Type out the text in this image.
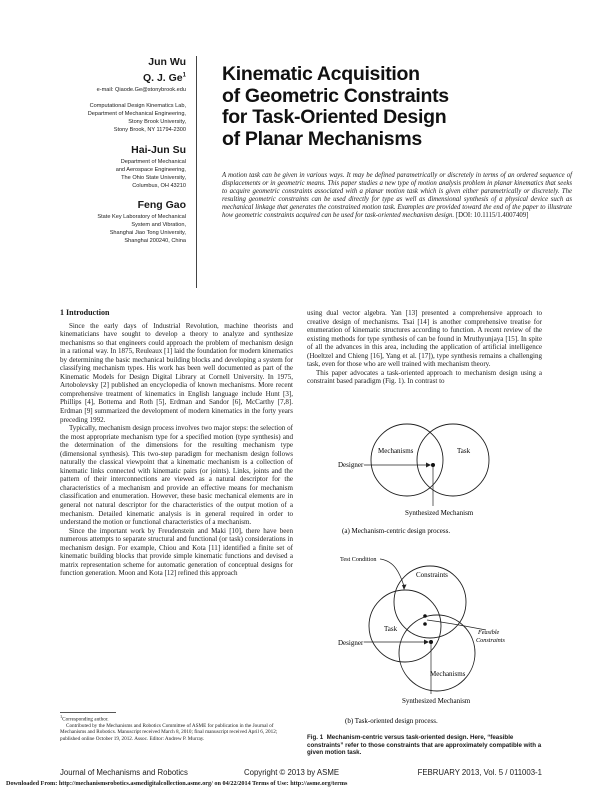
Jun Wu
Q. J. Ge$^1$
e-mail: Qiaode.Ge@stonybrook.edu
Computational Design Kinematics Lab,
Department of Mechanical Engineering,
Stony Brook University,
Stony Brook, NY 11794-2300
Hai-Jun Su
Department of Mechanical
and Aerospace Engineering,
The Ohio State University,
Columbus, OH 43210
Feng Gao
State Key Laboratory of Mechanical
System and Vibration,
Shanghai Jiao Tong University,
Shanghai 200240, China
Kinematic Acquisition
of Geometric Constraints
for Task-Oriented Design
of Planar Mechanisms
A motion task can be given in various ways. It may be defined parametrically or discretely in terms of an ordered sequence of displacements or in geometric means. This paper studies a new type of motion analysis problem in planar kinematics that seeks to acquire geometric constraints associated with a planar motion task which is given either parametrically or discretely. The resulting geometric constraints can be used directly for type as well as dimensional synthesis of a physical device such as mechanical linkage that generates the constrained motion task. Examples are provided toward the end of the paper to illustrate how geometric constraints acquired can be used for task-oriented mechanism design. [DOI: 10.1115/1.4007409]
1 Introduction

Since the early days of Industrial Revolution, machine theorists and kinematicians have sought to develop a theory to analyze and synthesize mechanisms so that engineers could approach the problem of mechanism design in a rational way. In 1875, Reuleaux [1] laid the foundation for modern kinematics by determining the basic mechanical building blocks and developing a system for classifying mechanism types. His work has been well documented as part of the Kinematic Models for Design Digital Library at Cornell University. In 1975, Artobolevsky [2] published an encyclopedia of known mechanisms. More recent comprehensive treatment of kinematics in English language include Hunt [3], Phillips [4], Bottema and Roth [5], Erdman and Sandor [6], McCarthy [7,8]. Erdman [9] summarized the development of modern kinematics in the forty years preceding 1992.

Typically, mechanism design process involves two major steps: the selection of the most appropriate mechanism type for a specified motion (type synthesis) and the determination of the dimensions for the resulting mechanism type (dimensional synthesis). This two-step paradigm for mechanism design follows naturally the classical viewpoint that a kinematic mechanism is a collection of kinematic links connected with kinematic pairs (or joints). Links, joints and the pattern of their interconnections are viewed as a natural descriptor for the characteristics of a mechanism and provide an effective means for mechanism classification and enumeration. However, these basic mechanical elements are in general not natural descriptor for the characteristics of the output motion of a mechanism. Detailed kinematic analysis is in general required in order to understand the motion or functional characteristics of a mechanism.

Since the important work by Freudenstein and Maki [10], there have been numerous attempts to separate structural and functional (or task) considerations in mechanism design. For example, Chiou and Kota [11] identified a finite set of kinematic building blocks that provide simple kinematic functions and devised a matrix representation scheme for automatic generation of conceptual designs for function generation. Moon and Kota [12] refined this approach

$^1$Corresponding author.
Contributed by the Mechanisms and Robotics Committee of ASME for publication in the Journal of Mechanisms and Robotics. Manuscript received March 8, 2010; final manuscript received April 6, 2012; published online October 19, 2012. Assoc. Editor: Andrew P. Murray.

using dual vector algebra. Yan [13] presented a comprehensive approach to creative design of mechanisms. Tsai [14] is another comprehensive treatise for enumeration of kinematic structures according to function. A recent review of the existing methods for type synthesis of can be found in Mruthyunjaya [15]. In spite of all the advances in this area, including the application of artificial intelligence (Hoeltzel and Chieng [16], Yang et al. [17]), type synthesis remains a challenging task, even for those who are well trained with mechanism theory.

This paper advocates a task-oriented approach to mechanism design using a constraint based paradigm (Fig. 1). In contrast to

Mechanisms	Task
Designer
Synthesized Mechanism
(a) Mechanism-centric design process.
Test Condition
Constraints
Task
Designer
Feasible
Constraints
Mechanisms
Synthesized Mechanism
(b) Task-oriented design process.
Fig. 1 Mechanism-centric versus task-oriented design. Here, “feasible constraints” refer to those constraints that are approximately compatible with a given motion task.
Journal of Mechanisms and Robotics	Copyright © 2013 by ASME	FEBRUARY 2013, Vol. 5 / 011003-1
Downloaded From: http://mechanismsrobotics.asmedigitalcollection.asme.org/ on 04/22/2014 Terms of Use: http://asme.org/terms
